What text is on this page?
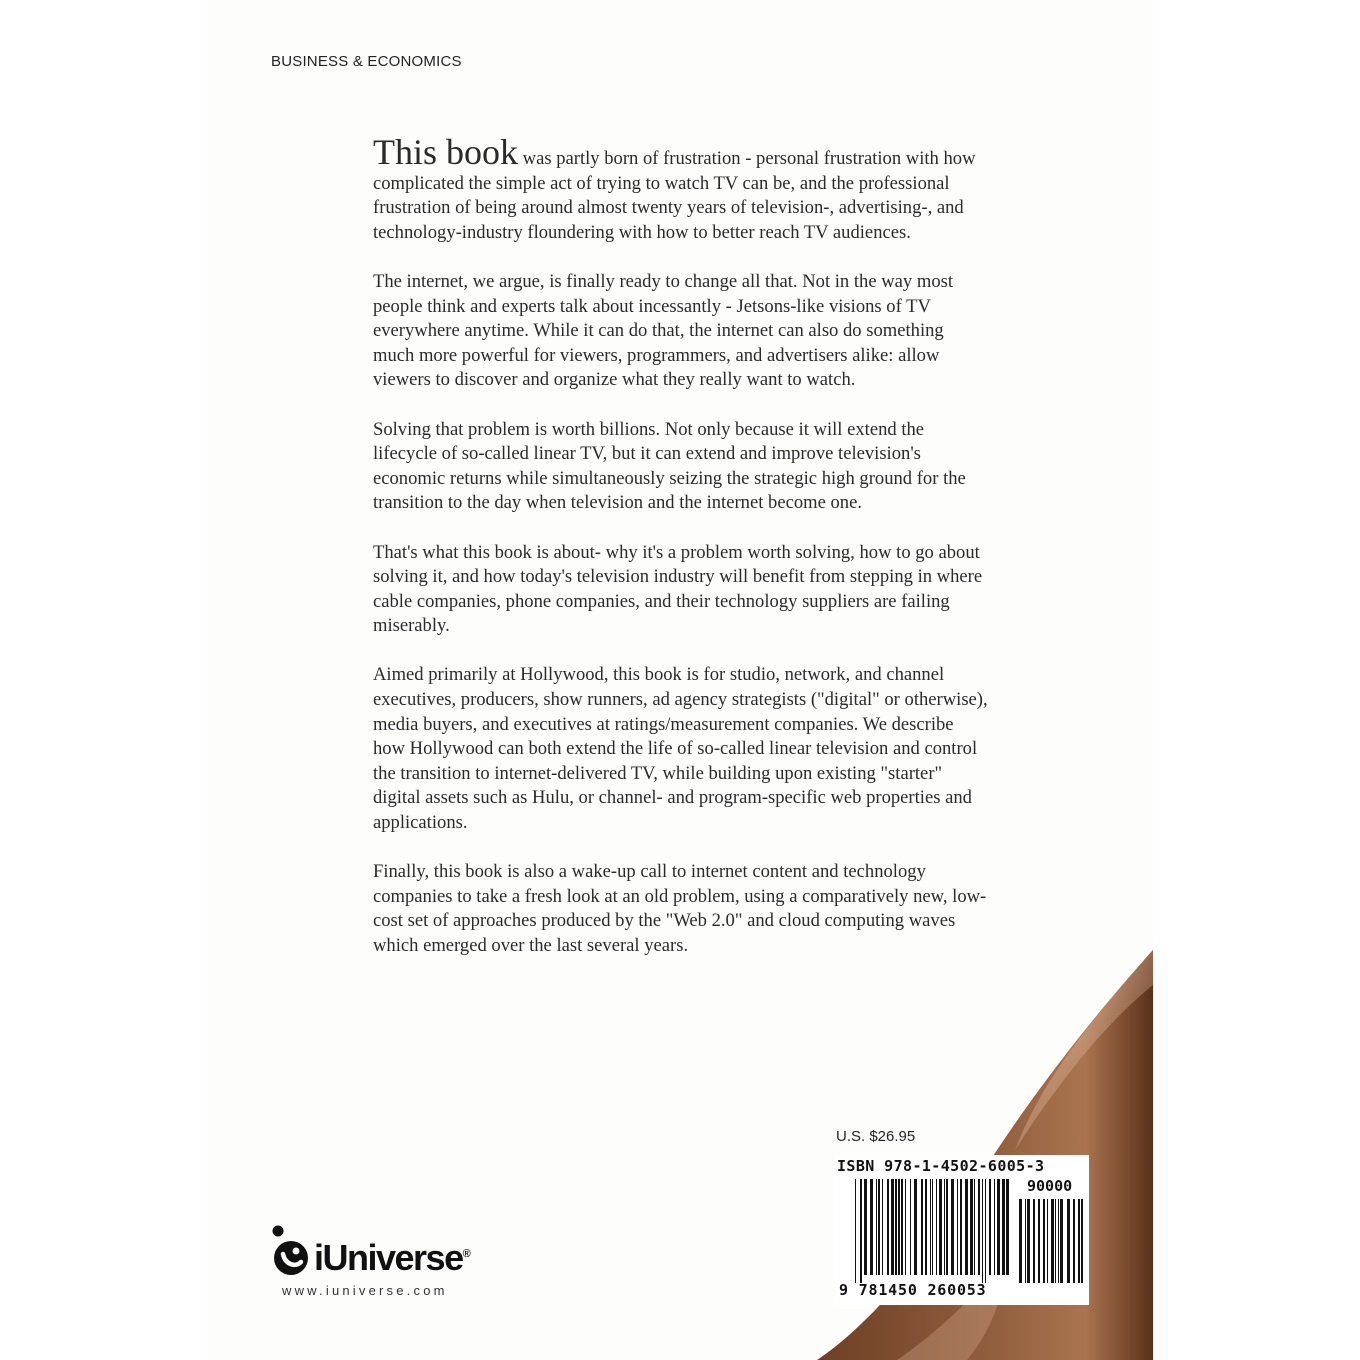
BUSINESS & ECONOMICS

This book was partly born of frustration - personal frustration with how complicated the simple act of trying to watch TV can be, and the professional frustration of being around almost twenty years of television-, advertising-, and technology-industry floundering with how to better reach TV audiences.

The internet, we argue, is finally ready to change all that. Not in the way most people think and experts talk about incessantly - Jetsons-like visions of TV everywhere anytime. While it can do that, the internet can also do something much more powerful for viewers, programmers, and advertisers alike: allow viewers to discover and organize what they really want to watch.

Solving that problem is worth billions. Not only because it will extend the lifecycle of so-called linear TV, but it can extend and improve television's economic returns while simultaneously seizing the strategic high ground for the transition to the day when television and the internet become one.

That's what this book is about- why it's a problem worth solving, how to go about solving it, and how today's television industry will benefit from stepping in where cable companies, phone companies, and their technology suppliers are failing miserably.

Aimed primarily at Hollywood, this book is for studio, network, and channel executives, producers, show runners, ad agency strategists ("digital" or otherwise), media buyers, and executives at ratings/measurement companies. We describe how Hollywood can both extend the life of so-called linear television and control the transition to internet-delivered TV, while building upon existing "starter" digital assets such as Hulu, or channel- and program-specific web properties and applications.

Finally, this book is also a wake-up call to internet content and technology companies to take a fresh look at an old problem, using a comparatively new, low-cost set of approaches produced by the "Web 2.0" and cloud computing waves which emerged over the last several years.

U.S. $26.95
ISBN 978-1-4502-6005-3
90000
9 781450 260053
iUniverse®
www.iuniverse.com
